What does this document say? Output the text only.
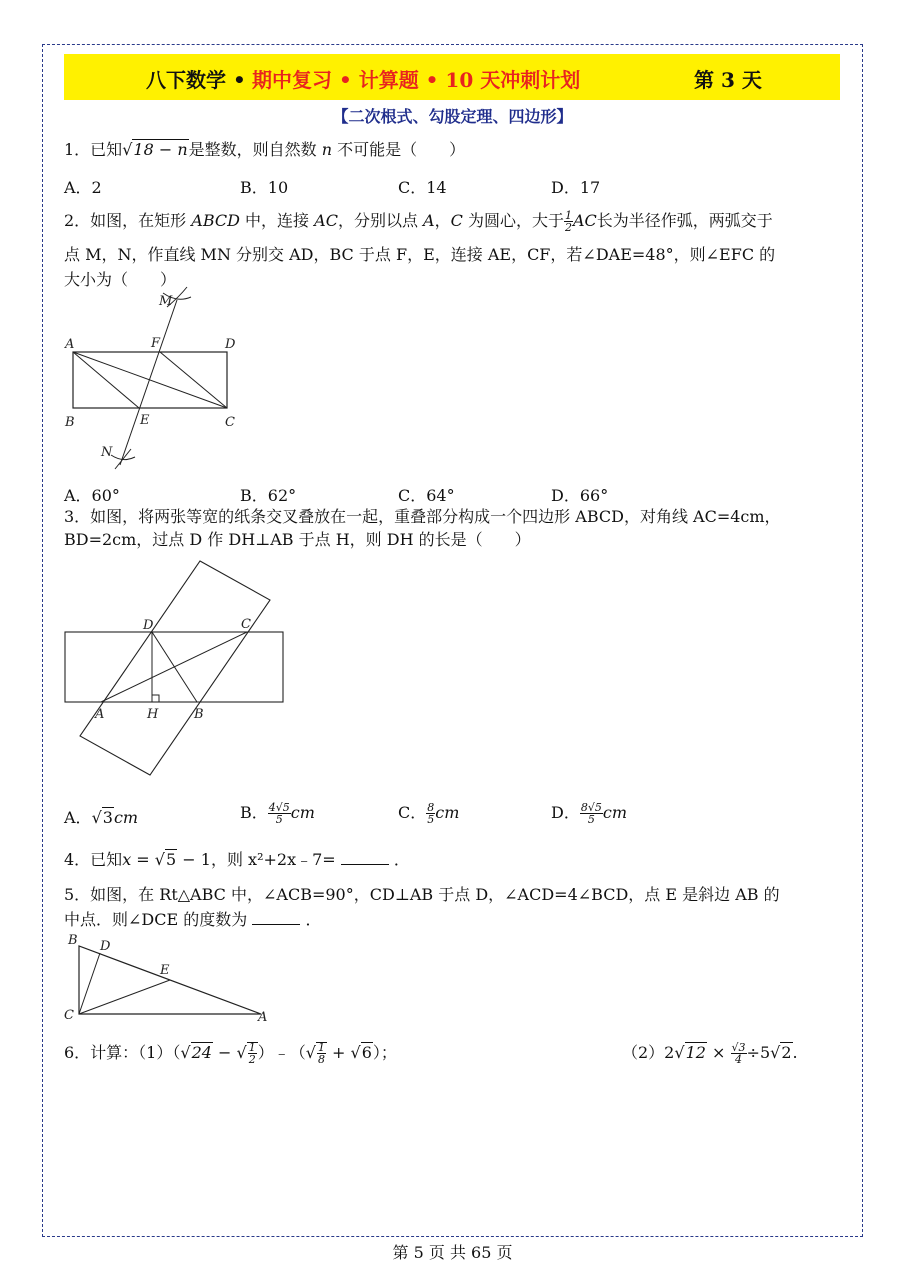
八下数学 • 期中复习 • 计算题 • 10 天冲刺计划	第 3 天
【二次根式、勾股定理、四边形】
1．已知√18 − n是整数，则自然数 n 不可能是（　　）
A．2	B．10	C．14	D．17
2．如图，在矩形 ABCD 中，连接 AC，分别以点 A，C 为圆心，大于 $\frac{1}{2}$ AC长为半径作弧，两弧交于
点 M，N，作直线 MN 分别交 AD，BC 于点 F，E，连接 AE，CF，若∠DAE=48°，则∠EFC 的
大小为（　　）
M
A	F	D
B	E	C
N
A．60°	B．62°	C．64°	D．66°
3．如图，将两张等宽的纸条交叉叠放在一起，重叠部分构成一个四边形 ABCD，对角线 AC=4cm，
BD=2cm，过点 D 作 DH⊥AB 于点 H，则 DH 的长是（　　）
D	C
A	H	B
A．√3cm	B． $\frac{4√5}{5}$ cm	C． $\frac{8}{5}$ cm	D． $\frac{8√5}{5}$ cm
4．已知x = √5 − 1，则 x²+2x﹣7=	．
5．如图，在 Rt△ABC 中，∠ACB=90°，CD⊥AB 于点 D，∠ACD=4∠BCD，点 E 是斜边 AB 的
中点．则∠DCE 的度数为	．
B D
E
C	A
6．计算：（1）（√24 − √ $\frac{1}{2}$ ）﹣（√ $\frac{1}{8} + √6$）；	$(2)2√12 \times \frac{√3}{4} \div 5√2$.
第 5 页 共 65 页
